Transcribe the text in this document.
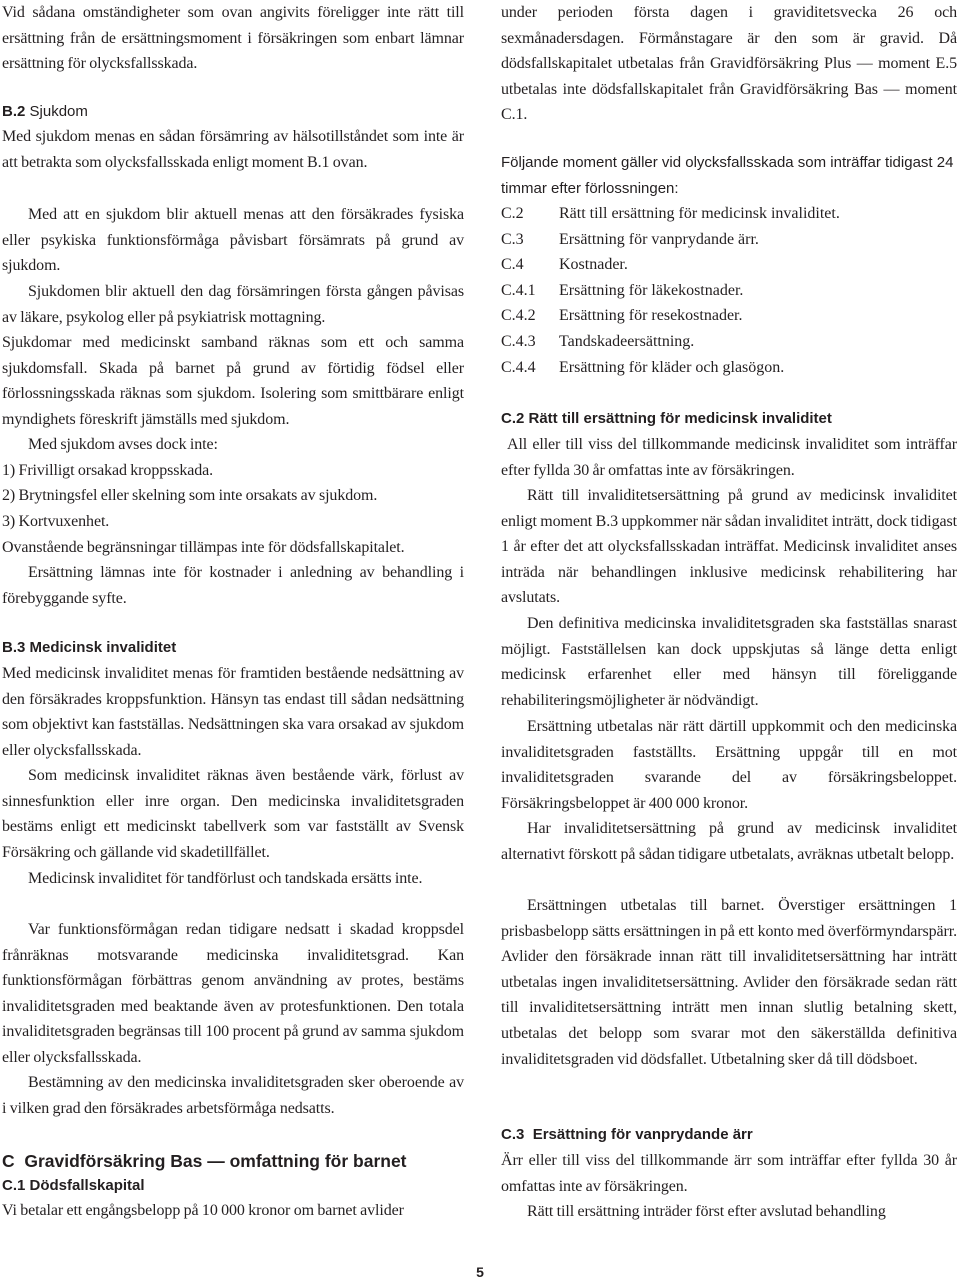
Vid sådana omständigheter som ovan angivits föreligger inte rätt till ersättning från de ersättningsmoment i försäkringen som enbart lämnar ersättning för olycksfallsskada.

B.2 Sjukdom

Med sjukdom menas en sådan försämring av hälsotillståndet som inte är att betrakta som olycksfallsskada enligt moment B.1 ovan.

Med att en sjukdom blir aktuell menas att den försäkrades fysiska eller psykiska funktionsförmåga påvisbart försämrats på grund av sjukdom.

Sjukdomen blir aktuell den dag försämringen första gången påvisas av läkare, psykolog eller på psykiatrisk mottagning.

Sjukdomar med medicinskt samband räknas som ett och samma sjukdomsfall. Skada på barnet på grund av förtidig födsel eller förlossningsskada räknas som sjukdom. Isolering som smittbärare enligt myndighets föreskrift jämställs med sjukdom.

Med sjukdom avses dock inte:

1) Frivilligt orsakad kroppsskada.

2) Brytningsfel eller skelning som inte orsakats av sjukdom.

3) Kortvuxenhet.

Ovanstående begränsningar tillämpas inte för dödsfallskapitalet.

Ersättning lämnas inte för kostnader i anledning av behandling i förebyggande syfte.

B.3 Medicinsk invaliditet

Med medicinsk invaliditet menas för framtiden bestående nedsättning av den försäkrades kroppsfunktion. Hänsyn tas endast till sådan nedsättning som objektivt kan fastställas. Nedsättningen ska vara orsakad av sjukdom eller olycksfallsskada.

Som medicinsk invaliditet räknas även bestående värk, förlust av sinnesfunktion eller inre organ. Den medicinska invaliditetsgraden bestäms enligt ett medicinskt tabellverk som var fastställt av Svensk Försäkring och gällande vid skadetillfället.

Medicinsk invaliditet för tandförlust och tandskada ersätts inte.

Var funktionsförmågan redan tidigare nedsatt i skadad kroppsdel frånräknas motsvarande medicinska invaliditetsgrad. Kan funktionsförmågan förbättras genom användning av protes, bestäms invaliditetsgraden med beaktande även av protesfunktionen. Den totala invaliditetsgraden begränsas till 100 procent på grund av samma sjukdom eller olycksfallsskada.

Bestämning av den medicinska invaliditetsgraden sker oberoende av i vilken grad den försäkrades arbetsförmåga nedsatts.

C  Gravidförsäkring Bas — omfattning för barnet

C.1 Dödsfallskapital

Vi betalar ett engångsbelopp på 10 000 kronor om barnet avlider

under perioden första dagen i graviditetsvecka 26 och sexmånadersdagen. Förmånstagare är den som är gravid. Då dödsfallskapitalet utbetalas från Gravidförsäkring Plus — moment E.5 utbetalas inte dödsfallskapitalet från Gravidförsäkring Bas — moment C.1.

Följande moment gäller vid olycksfallsskada som inträffar tidigast 24 timmar efter förlossningen:

C.2	Rätt till ersättning för medicinsk invaliditet.
C.3	Ersättning för vanprydande ärr.
C.4	Kostnader.
C.4.1	Ersättning för läkekostnader.
C.4.2	Ersättning för resekostnader.
C.4.3	Tandskadeersättning.
C.4.4	Ersättning för kläder och glasögon.

C.2 Rätt till ersättning för medicinsk invaliditet

All eller till viss del tillkommande medicinsk invaliditet som inträffar efter fyllda 30 år omfattas inte av försäkringen.

Rätt till invaliditetsersättning på grund av medicinsk invaliditet enligt moment B.3 uppkommer när sådan invaliditet inträtt, dock tidigast 1 år efter det att olycksfallsskadan inträffat. Medicinsk invaliditet anses inträda när behandlingen inklusive medicinsk rehabilitering har avslutats.

Den definitiva medicinska invaliditetsgraden ska fastställas snarast möjligt. Fastställelsen kan dock uppskjutas så länge detta enligt medicinsk erfarenhet eller med hänsyn till föreliggande rehabiliteringsmöjligheter är nödvändigt.

Ersättning utbetalas när rätt därtill uppkommit och den medicinska invaliditetsgraden fastställts. Ersättning uppgår till en mot invaliditetsgraden svarande del av försäkringsbeloppet. Försäkringsbeloppet är 400 000 kronor.

Har invaliditetsersättning på grund av medicinsk invaliditet alternativt förskott på sådan tidigare utbetalats, avräknas utbetalt belopp.

Ersättningen utbetalas till barnet. Överstiger ersättningen 1 prisbasbelopp sätts ersättningen in på ett konto med överförmyndarspärr. Avlider den försäkrade innan rätt till invaliditetsersättning har inträtt utbetalas ingen invaliditetsersättning. Avlider den försäkrade sedan rätt till invaliditetsersättning inträtt men innan slutlig betalning skett, utbetalas det belopp som svarar mot den säkerställda definitiva invaliditetsgraden vid dödsfallet. Utbetalning sker då till dödsboet.

C.3 Ersättning för vanprydande ärr

Ärr eller till viss del tillkommande ärr som inträffar efter fyllda 30 år omfattas inte av försäkringen.

Rätt till ersättning inträder först efter avslutad behandling

5
